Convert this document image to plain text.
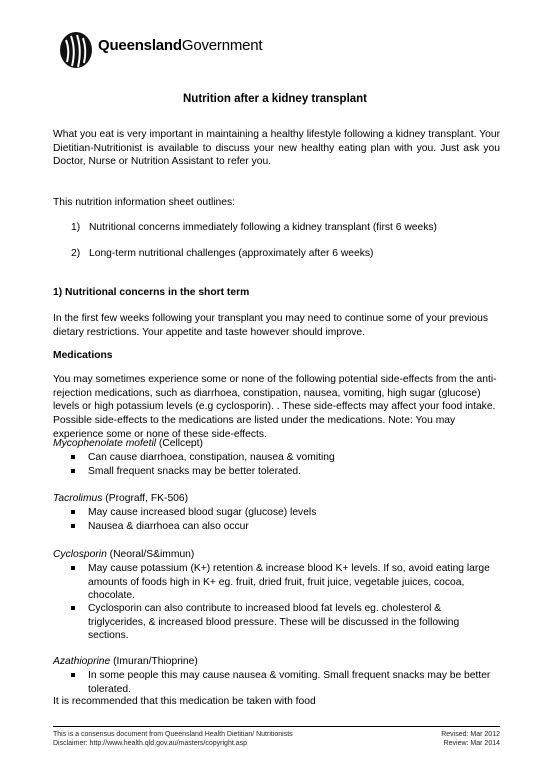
QueenslandGovernment
Nutrition after a kidney transplant
What you eat is very important in maintaining a healthy lifestyle following a kidney transplant. Your Dietitian-Nutritionist is available to discuss your new healthy eating plan with you. Just ask you Doctor, Nurse or Nutrition Assistant to refer you.
This nutrition information sheet outlines:
1) Nutritional concerns immediately following a kidney transplant (first 6 weeks)
2) Long-term nutritional challenges (approximately after 6 weeks)
1) Nutritional concerns in the short term
In the first few weeks following your transplant you may need to continue some of your previous dietary restrictions. Your appetite and taste however should improve.
Medications
You may sometimes experience some or none of the following potential side-effects from the anti-rejection medications, such as diarrhoea, constipation, nausea, vomiting, high sugar (glucose) levels or high potassium levels (e.g cyclosporin). . These side-effects may affect your food intake. Possible side-effects to the medications are listed under the medications. Note: You may experience some or none of these side-effects.
Mycophenolate mofetil (Cellcept)
Can cause diarrhoea, constipation, nausea & vomiting
Small frequent snacks may be better tolerated.
Tacrolimus (Prograff, FK-506)
May cause increased blood sugar (glucose) levels
Nausea & diarrhoea can also occur
Cyclosporin (Neoral/S&immun)
May cause potassium (K+) retention & increase blood K+ levels. If so, avoid eating large amounts of foods high in K+ eg. fruit, dried fruit, fruit juice, vegetable juices, cocoa, chocolate.
Cyclosporin can also contribute to increased blood fat levels eg. cholesterol & triglycerides, & increased blood pressure. These will be discussed in the following sections.
Azathioprine (Imuran/Thioprine)
In some people this may cause nausea & vomiting. Small frequent snacks may be better tolerated.
It is recommended that this medication be taken with food
This is a consensus document from Queensland Health Dietitian/ Nutritionists	Revised: Mar 2012
Disclaimer: http://www.health.qld.gov.au/masters/copyright.asp	Review: Mar 2014
